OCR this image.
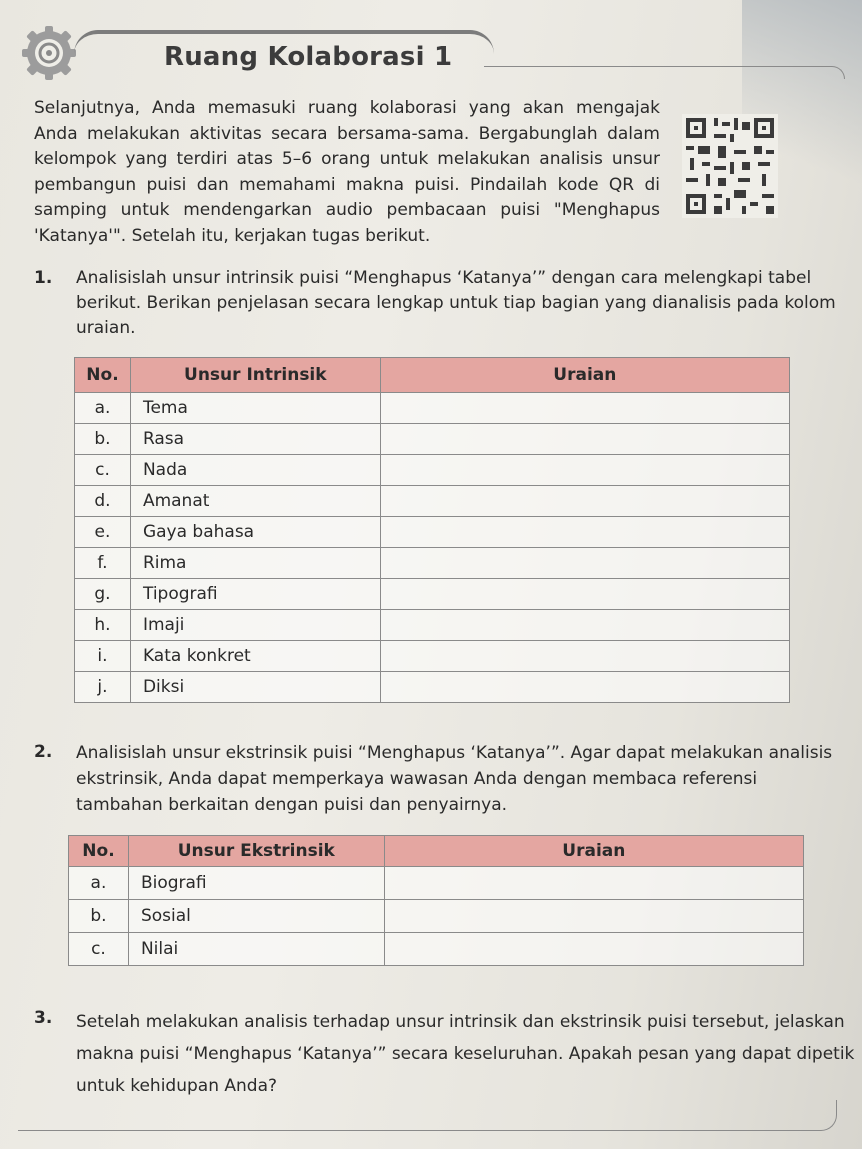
Ruang Kolaborasi 1
Selanjutnya, Anda memasuki ruang kolaborasi yang akan mengajak Anda melakukan aktivitas secara bersama-sama. Bergabunglah dalam kelompok yang terdiri atas 5–6 orang untuk melakukan analisis unsur pembangun puisi dan memahami makna puisi. Pindailah kode QR di samping untuk mendengarkan audio pembacaan puisi "Menghapus 'Katanya'". Setelah itu, kerjakan tugas berikut.
1. Analisislah unsur intrinsik puisi “Menghapus ‘Katanya’” dengan cara melengkapi tabel berikut. Berikan penjelasan secara lengkap untuk tiap bagian yang dianalisis pada kolom uraian.
No.	Unsur Intrinsik	Uraian
a.	Tema	
b.	Rasa	
c.	Nada	
d.	Amanat	
e.	Gaya bahasa	
f.	Rima	
g.	Tipografi	
h.	Imaji	
i.	Kata konkret	
j.	Diksi	
2. Analisislah unsur ekstrinsik puisi “Menghapus ‘Katanya’”. Agar dapat melakukan analisis ekstrinsik, Anda dapat memperkaya wawasan Anda dengan membaca referensi tambahan berkaitan dengan puisi dan penyairnya.
No.	Unsur Ekstrinsik	Uraian
a.	Biografi	
b.	Sosial	
c.	Nilai	
3. Setelah melakukan analisis terhadap unsur intrinsik dan ekstrinsik puisi tersebut, jelaskan makna puisi “Menghapus ‘Katanya’” secara keseluruhan. Apakah pesan yang dapat dipetik untuk kehidupan Anda?
